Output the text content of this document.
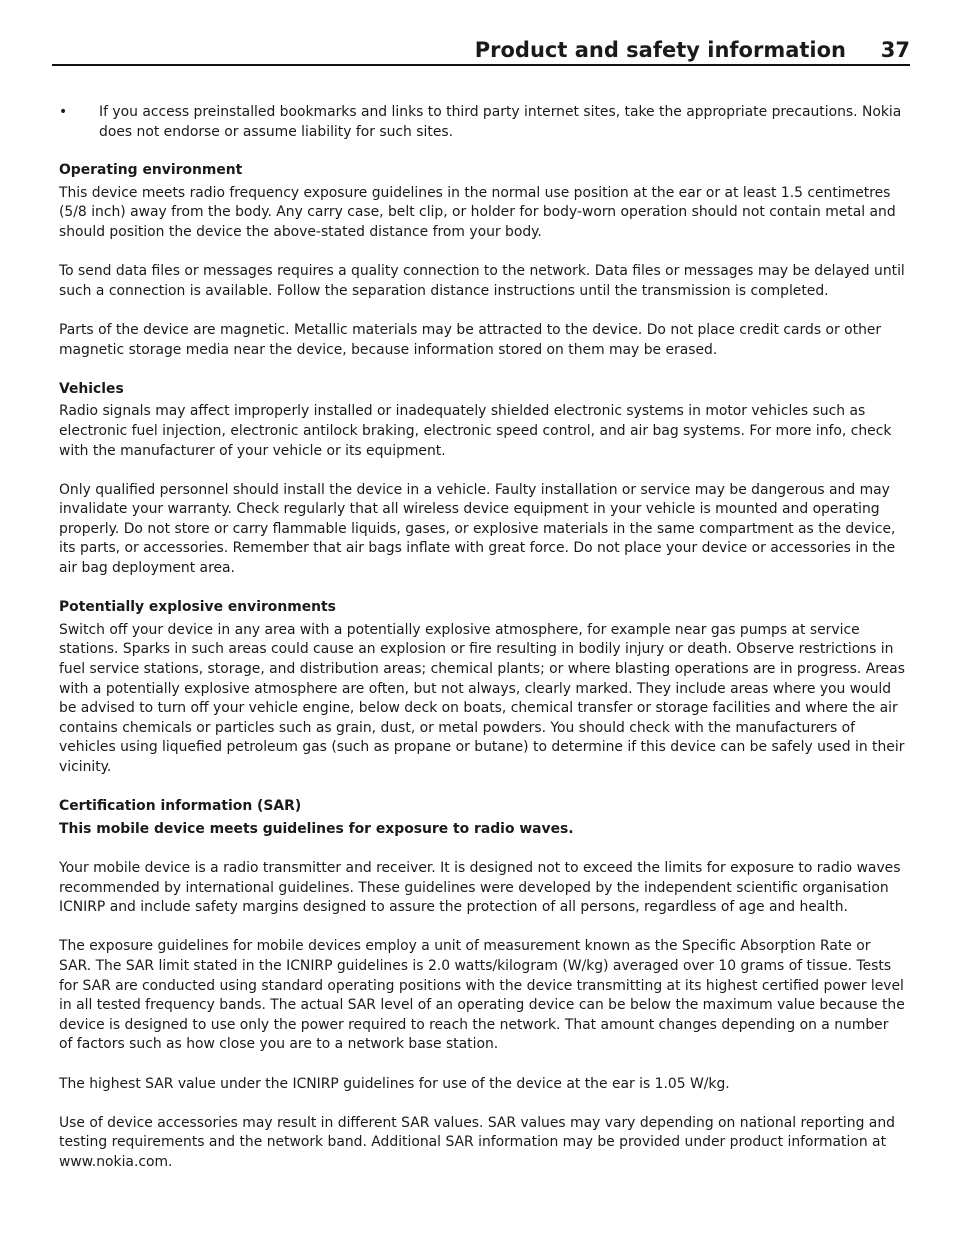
Product and safety information 37
• If you access preinstalled bookmarks and links to third party internet sites, take the appropriate precautions. Nokia does not endorse or assume liability for such sites.
Operating environment

This device meets radio frequency exposure guidelines in the normal use position at the ear or at least 1.5 centimetres (5/8 inch) away from the body. Any carry case, belt clip, or holder for body-worn operation should not contain metal and should position the device the above-stated distance from your body.

To send data files or messages requires a quality connection to the network. Data files or messages may be delayed until such a connection is available. Follow the separation distance instructions until the transmission is completed.

Parts of the device are magnetic. Metallic materials may be attracted to the device. Do not place credit cards or other magnetic storage media near the device, because information stored on them may be erased.

Vehicles

Radio signals may affect improperly installed or inadequately shielded electronic systems in motor vehicles such as electronic fuel injection, electronic antilock braking, electronic speed control, and air bag systems. For more info, check with the manufacturer of your vehicle or its equipment.

Only qualified personnel should install the device in a vehicle. Faulty installation or service may be dangerous and may invalidate your warranty. Check regularly that all wireless device equipment in your vehicle is mounted and operating properly. Do not store or carry flammable liquids, gases, or explosive materials in the same compartment as the device, its parts, or accessories. Remember that air bags inflate with great force. Do not place your device or accessories in the air bag deployment area.

Potentially explosive environments

Switch off your device in any area with a potentially explosive atmosphere, for example near gas pumps at service stations. Sparks in such areas could cause an explosion or fire resulting in bodily injury or death. Observe restrictions in fuel service stations, storage, and distribution areas; chemical plants; or where blasting operations are in progress. Areas with a potentially explosive atmosphere are often, but not always, clearly marked. They include areas where you would be advised to turn off your vehicle engine, below deck on boats, chemical transfer or storage facilities and where the air contains chemicals or particles such as grain, dust, or metal powders. You should check with the manufacturers of vehicles using liquefied petroleum gas (such as propane or butane) to determine if this device can be safely used in their vicinity.

Certification information (SAR)

This mobile device meets guidelines for exposure to radio waves.

Your mobile device is a radio transmitter and receiver. It is designed not to exceed the limits for exposure to radio waves recommended by international guidelines. These guidelines were developed by the independent scientific organisation ICNIRP and include safety margins designed to assure the protection of all persons, regardless of age and health.

The exposure guidelines for mobile devices employ a unit of measurement known as the Specific Absorption Rate or SAR. The SAR limit stated in the ICNIRP guidelines is 2.0 watts/kilogram (W/kg) averaged over 10 grams of tissue. Tests for SAR are conducted using standard operating positions with the device transmitting at its highest certified power level in all tested frequency bands. The actual SAR level of an operating device can be below the maximum value because the device is designed to use only the power required to reach the network. That amount changes depending on a number of factors such as how close you are to a network base station.

The highest SAR value under the ICNIRP guidelines for use of the device at the ear is 1.05 W/kg.

Use of device accessories may result in different SAR values. SAR values may vary depending on national reporting and testing requirements and the network band. Additional SAR information may be provided under product information at www.nokia.com.
